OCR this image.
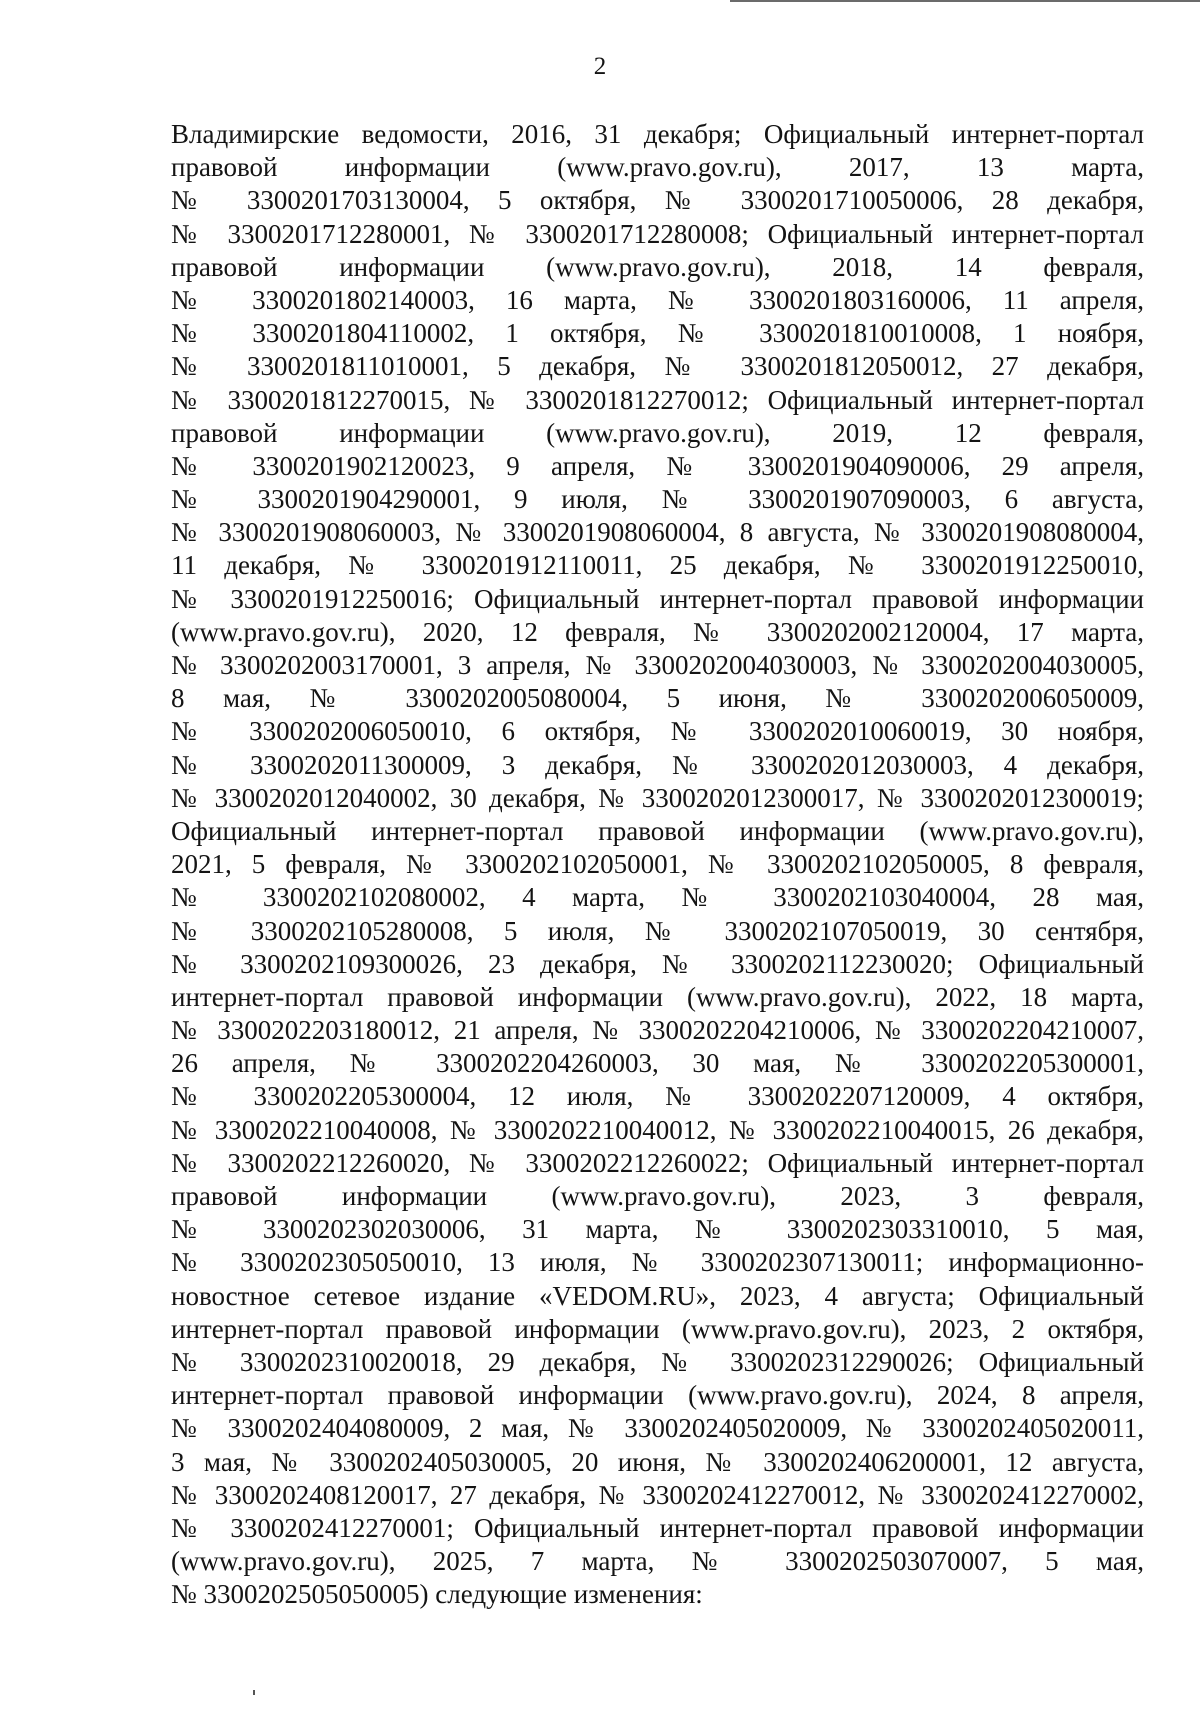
2
Владимирские ведомости, 2016, 31 декабря; Официальный интернет-портал
правовой информации (www.pravo.gov.ru), 2017, 13 марта,
№ 3300201703130004, 5 октября, № 3300201710050006, 28 декабря,
№ 3300201712280001, № 3300201712280008; Официальный интернет-портал
правовой информации (www.pravo.gov.ru), 2018, 14 февраля,
№ 3300201802140003, 16 марта, № 3300201803160006, 11 апреля,
№ 3300201804110002, 1 октября, № 3300201810010008, 1 ноября,
№ 3300201811010001, 5 декабря, № 3300201812050012, 27 декабря,
№ 3300201812270015, № 3300201812270012; Официальный интернет-портал
правовой информации (www.pravo.gov.ru), 2019, 12 февраля,
№ 3300201902120023, 9 апреля, № 3300201904090006, 29 апреля,
№ 3300201904290001, 9 июля, № 3300201907090003, 6 августа,
№ 3300201908060003, № 3300201908060004, 8 августа, № 3300201908080004,
11 декабря, № 3300201912110011, 25 декабря, № 3300201912250010,
№ 3300201912250016; Официальный интернет-портал правовой информации
(www.pravo.gov.ru), 2020, 12 февраля, № 3300202002120004, 17 марта,
№ 3300202003170001, 3 апреля, № 3300202004030003, № 3300202004030005,
8 мая, № 3300202005080004, 5 июня, № 3300202006050009,
№ 3300202006050010, 6 октября, № 3300202010060019, 30 ноября,
№ 3300202011300009, 3 декабря, № 3300202012030003, 4 декабря,
№ 3300202012040002, 30 декабря, № 3300202012300017, № 3300202012300019;
Официальный интернет-портал правовой информации (www.pravo.gov.ru),
2021, 5 февраля, № 3300202102050001, № 3300202102050005, 8 февраля,
№ 3300202102080002, 4 марта, № 3300202103040004, 28 мая,
№ 3300202105280008, 5 июля, № 3300202107050019, 30 сентября,
№ 3300202109300026, 23 декабря, № 3300202112230020; Официальный
интернет-портал правовой информации (www.pravo.gov.ru), 2022, 18 марта,
№ 3300202203180012, 21 апреля, № 3300202204210006, № 3300202204210007,
26 апреля, № 3300202204260003, 30 мая, № 3300202205300001,
№ 3300202205300004, 12 июля, № 3300202207120009, 4 октября,
№ 3300202210040008, № 3300202210040012, № 3300202210040015, 26 декабря,
№ 3300202212260020, № 3300202212260022; Официальный интернет-портал
правовой информации (www.pravo.gov.ru), 2023, 3 февраля,
№ 3300202302030006, 31 марта, № 3300202303310010, 5 мая,
№ 3300202305050010, 13 июля, № 3300202307130011; информационно-
новостное сетевое издание «VEDOM.RU», 2023, 4 августа; Официальный
интернет-портал правовой информации (www.pravo.gov.ru), 2023, 2 октября,
№ 3300202310020018, 29 декабря, № 3300202312290026; Официальный
интернет-портал правовой информации (www.pravo.gov.ru), 2024, 8 апреля,
№ 3300202404080009, 2 мая, № 3300202405020009, № 3300202405020011,
3 мая, № 3300202405030005, 20 июня, № 3300202406200001, 12 августа,
№ 3300202408120017, 27 декабря, № 3300202412270012, № 3300202412270002,
№ 3300202412270001; Официальный интернет-портал правовой информации
(www.pravo.gov.ru), 2025, 7 марта, № 3300202503070007, 5 мая,
№ 3300202505050005) следующие изменения:
